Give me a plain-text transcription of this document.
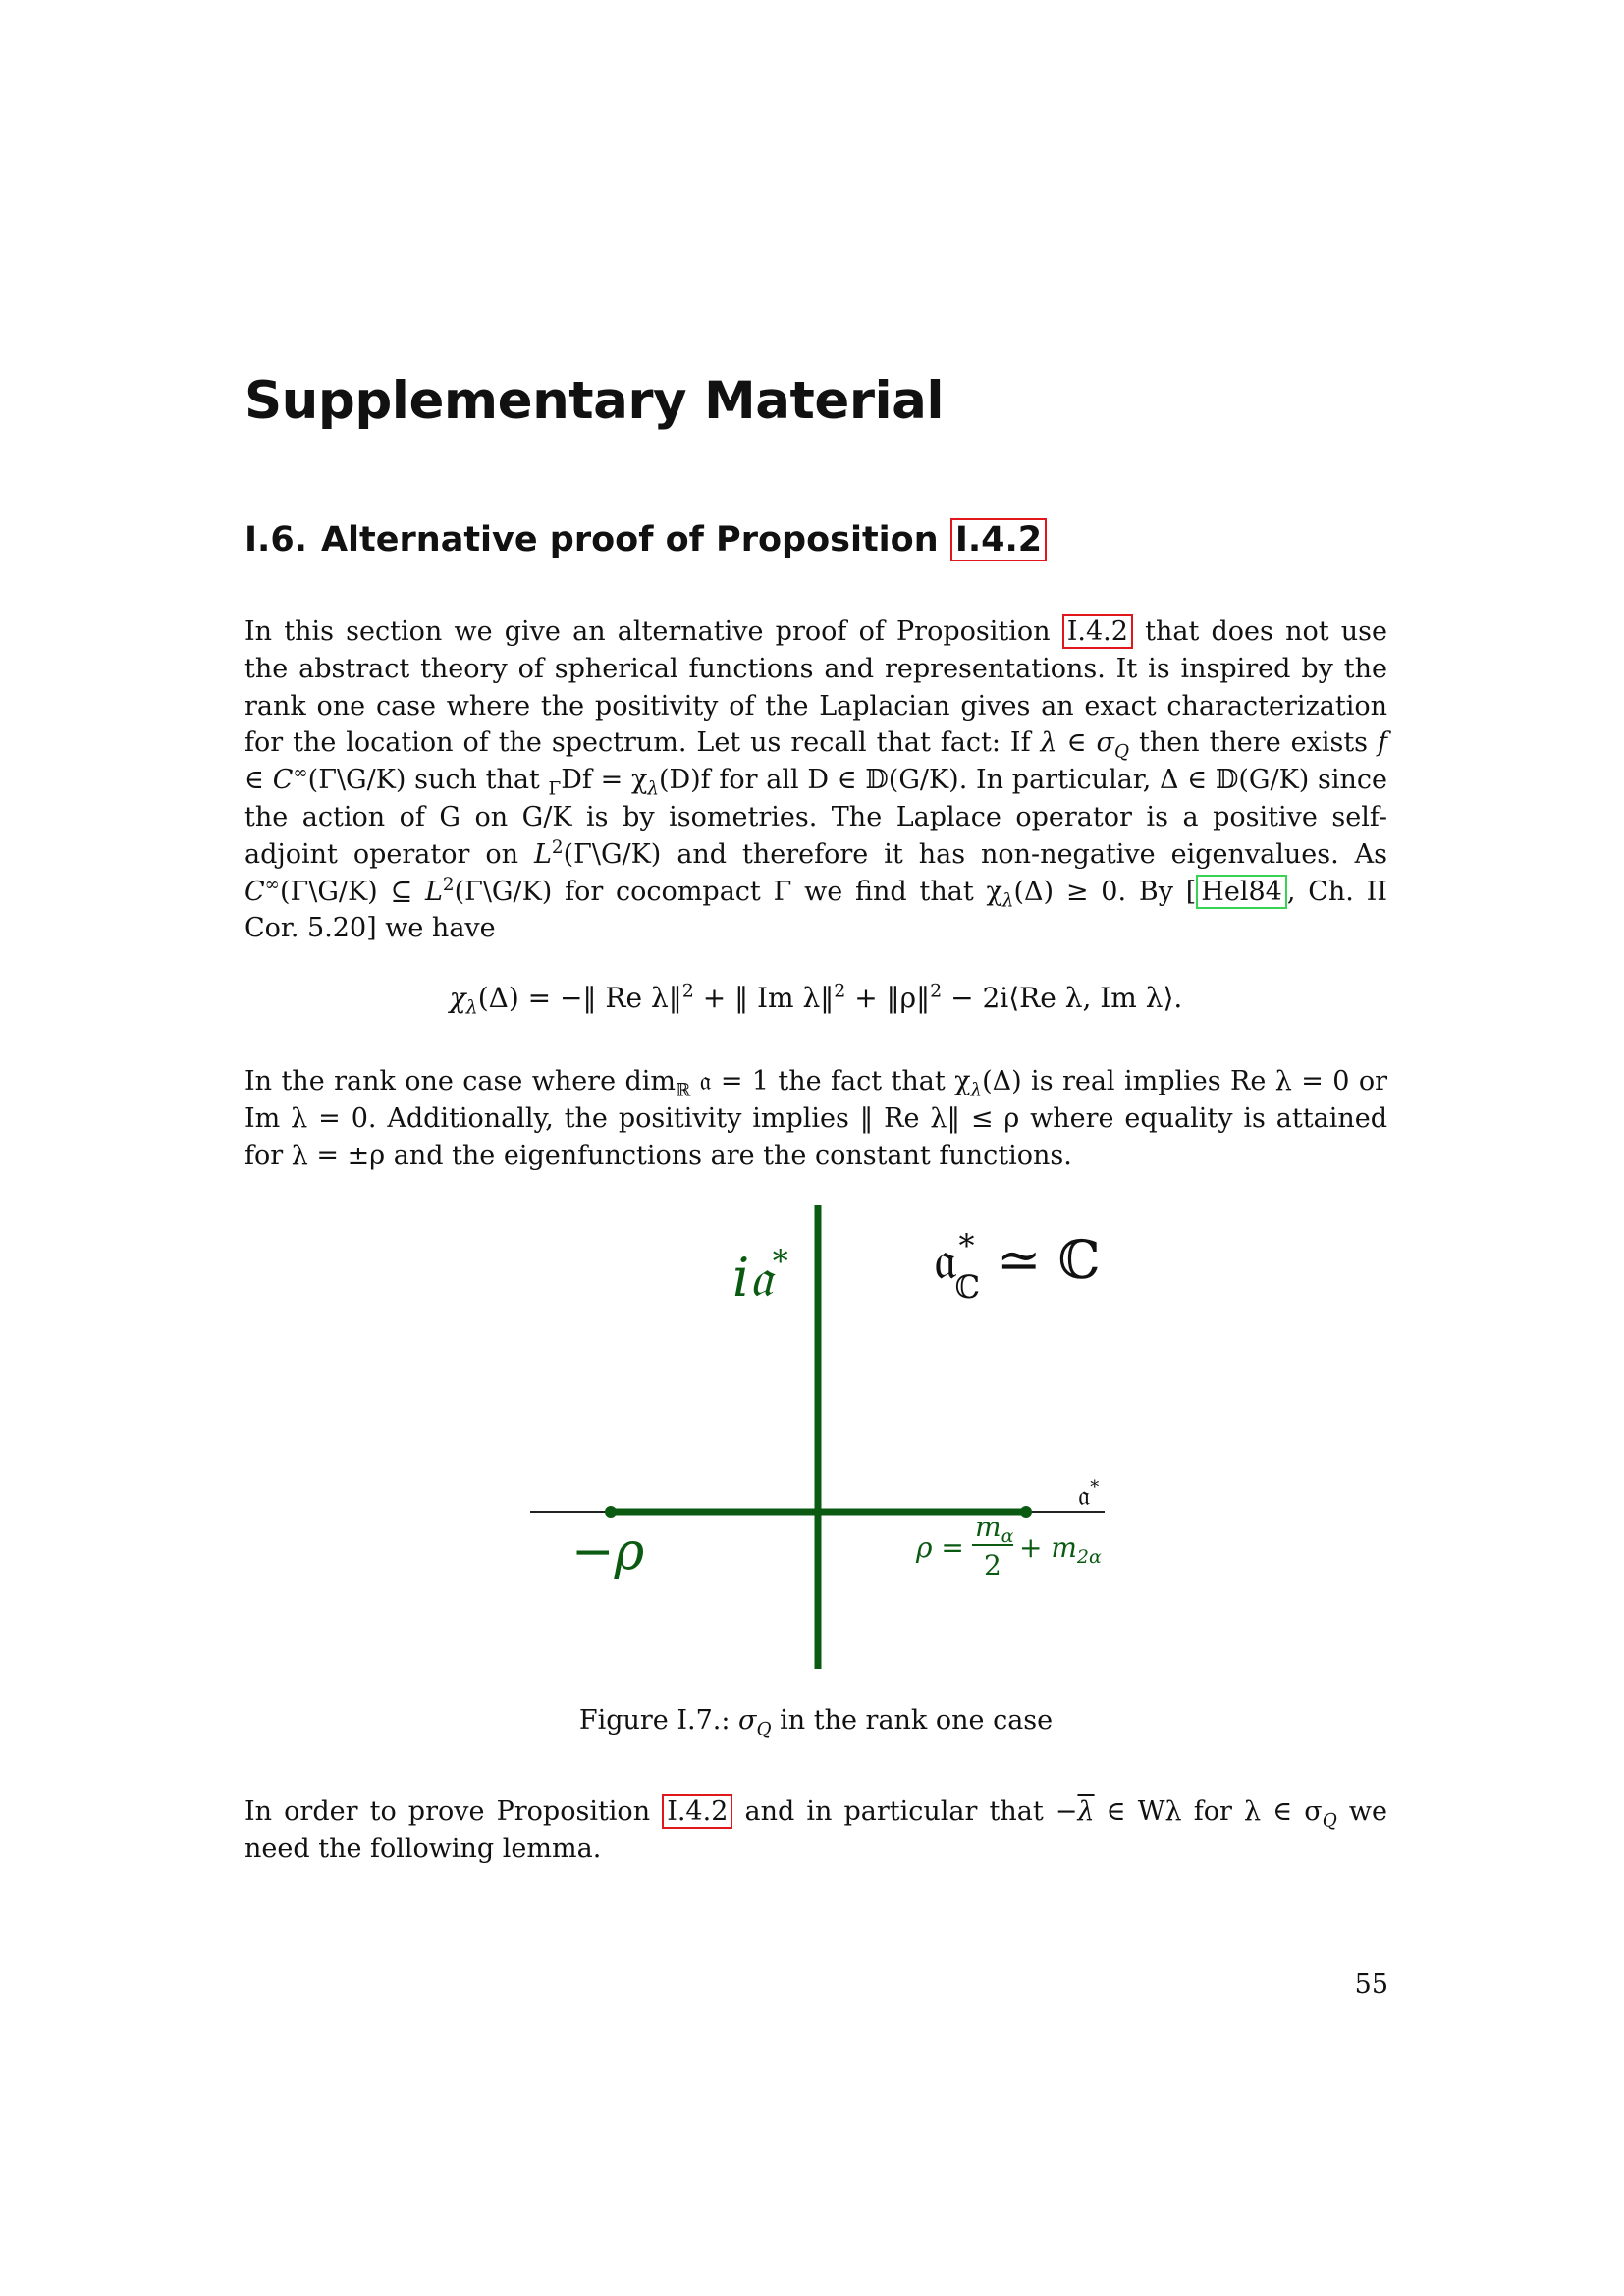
Supplementary Material
I.6. Alternative proof of Proposition I.4.2

In this section we give an alternative proof of Proposition I.4.2 that does not use the abstract theory of spherical functions and representations. It is inspired by the rank one case where the positivity of the Laplacian gives an exact characterization for the location of the spectrum. Let us recall that fact: If λ ∈ $\sigma_Q$ then there exists f ∈ C∞(Γ\G/K) such that $_\Gamma Df = \chi_\lambda(D)f$ for all D ∈ 𝔻(G/K). In particular, Δ ∈ 𝔻(G/K) since the action of G on G/K is by isometries. The Laplace operator is a positive self-adjoint operator on $L^2(\Gamma\backslash G/K)$ and therefore it has non-negative eigenvalues. As C∞(Γ\G/K) ⊆ $L^2(\Gamma\backslash G/K)$ for cocompact Γ we find that $\chi_\lambda(\Delta) \ge 0$. By [ Hel84 , Ch. II Cor. 5.20] we have

$\chi_\lambda(\Delta)$ = −‖ Re λ‖$^2$ + ‖ Im λ‖$^2$ + ‖ρ‖$^2$ − 2i⟨Re λ, Im λ⟩.

In the rank one case where dim$_ℝ$ 𝔞 = 1 the fact that $\chi_\lambda(\Delta)$ is real implies Re λ = 0 or Im λ = 0. Additionally, the positivity implies ‖ Re λ‖ ≤ ρ where equality is attained for λ = ±ρ and the eigenfunctions are the constant functions.

i𝔞*	𝔞* ℂ ≃ ℂ
𝔞*
−ρ	ρ =
$m_\alpha$
2
+ $m_{2\alpha}$
Figure I.7.: $\sigma_Q$ in the rank one case

In order to prove Proposition I.4.2 and in particular that $-\overline{\lambda}$ ∈ Wλ for λ ∈ $\sigma_Q$ we need the following lemma.

55
